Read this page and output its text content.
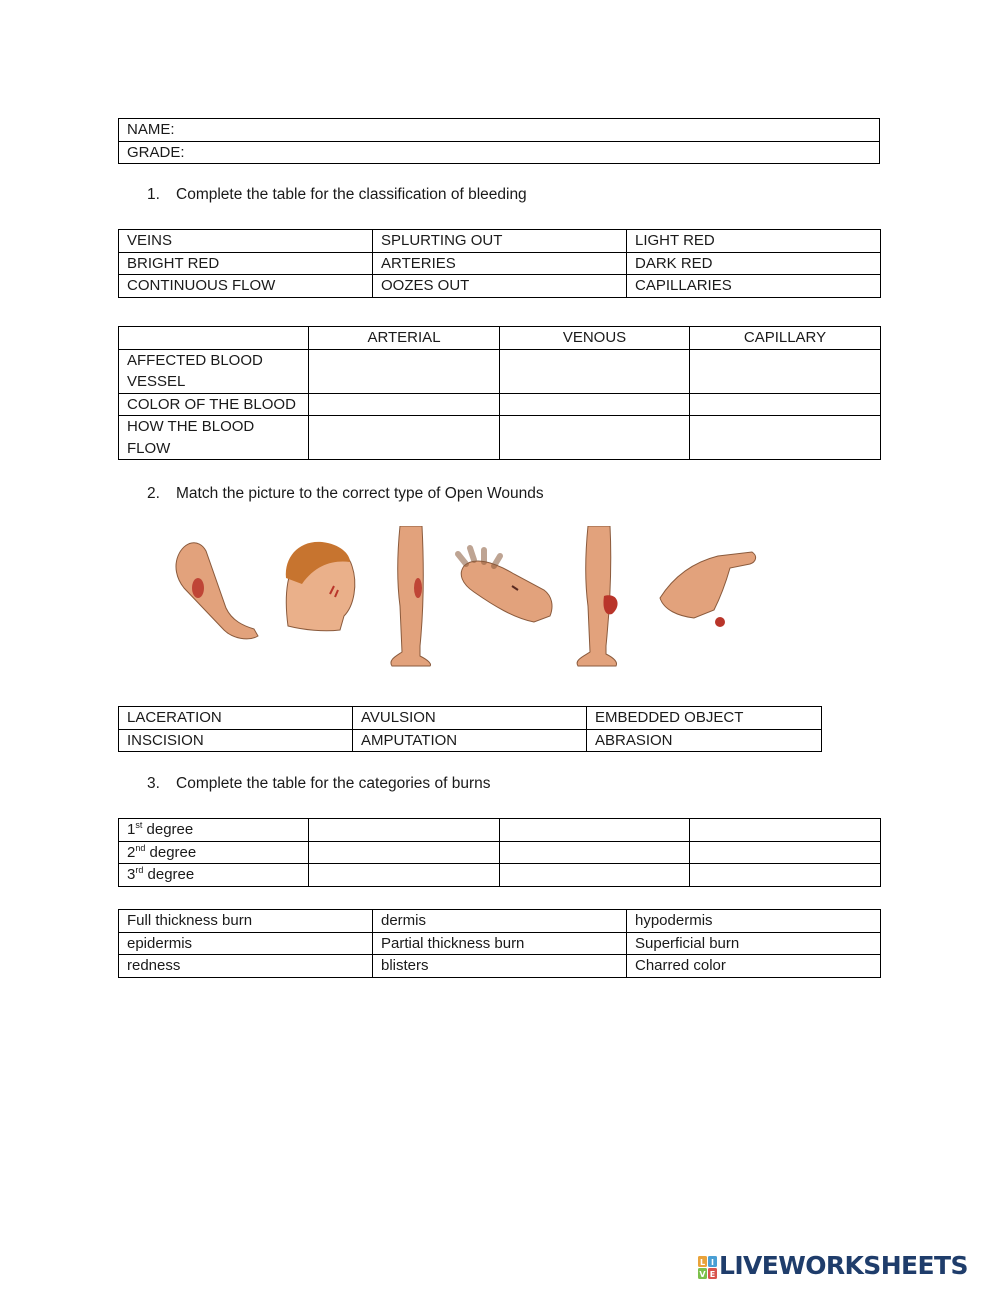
NAME:
GRADE:
1. Complete the table for the classification of bleeding
VEINS	SPLURTING OUT	LIGHT RED
BRIGHT RED	ARTERIES	DARK RED
CONTINUOUS FLOW	OOZES OUT	CAPILLARIES
	ARTERIAL	VENOUS	CAPILLARY
AFFECTED BLOOD VESSEL			
COLOR OF THE BLOOD			
HOW THE BLOOD FLOW			
2. Match the picture to the correct type of Open Wounds
LACERATION	AVULSION	EMBEDDED OBJECT
INSCISION	AMPUTATION	ABRASION
3. Complete the table for the categories of burns
1st degree			
2nd degree			
3rd degree			
Full thickness burn	dermis	hypodermis
epidermis	Partial thickness burn	Superficial burn
redness	blisters	Charred color
L I
V E LIVEWORKSHEETS
